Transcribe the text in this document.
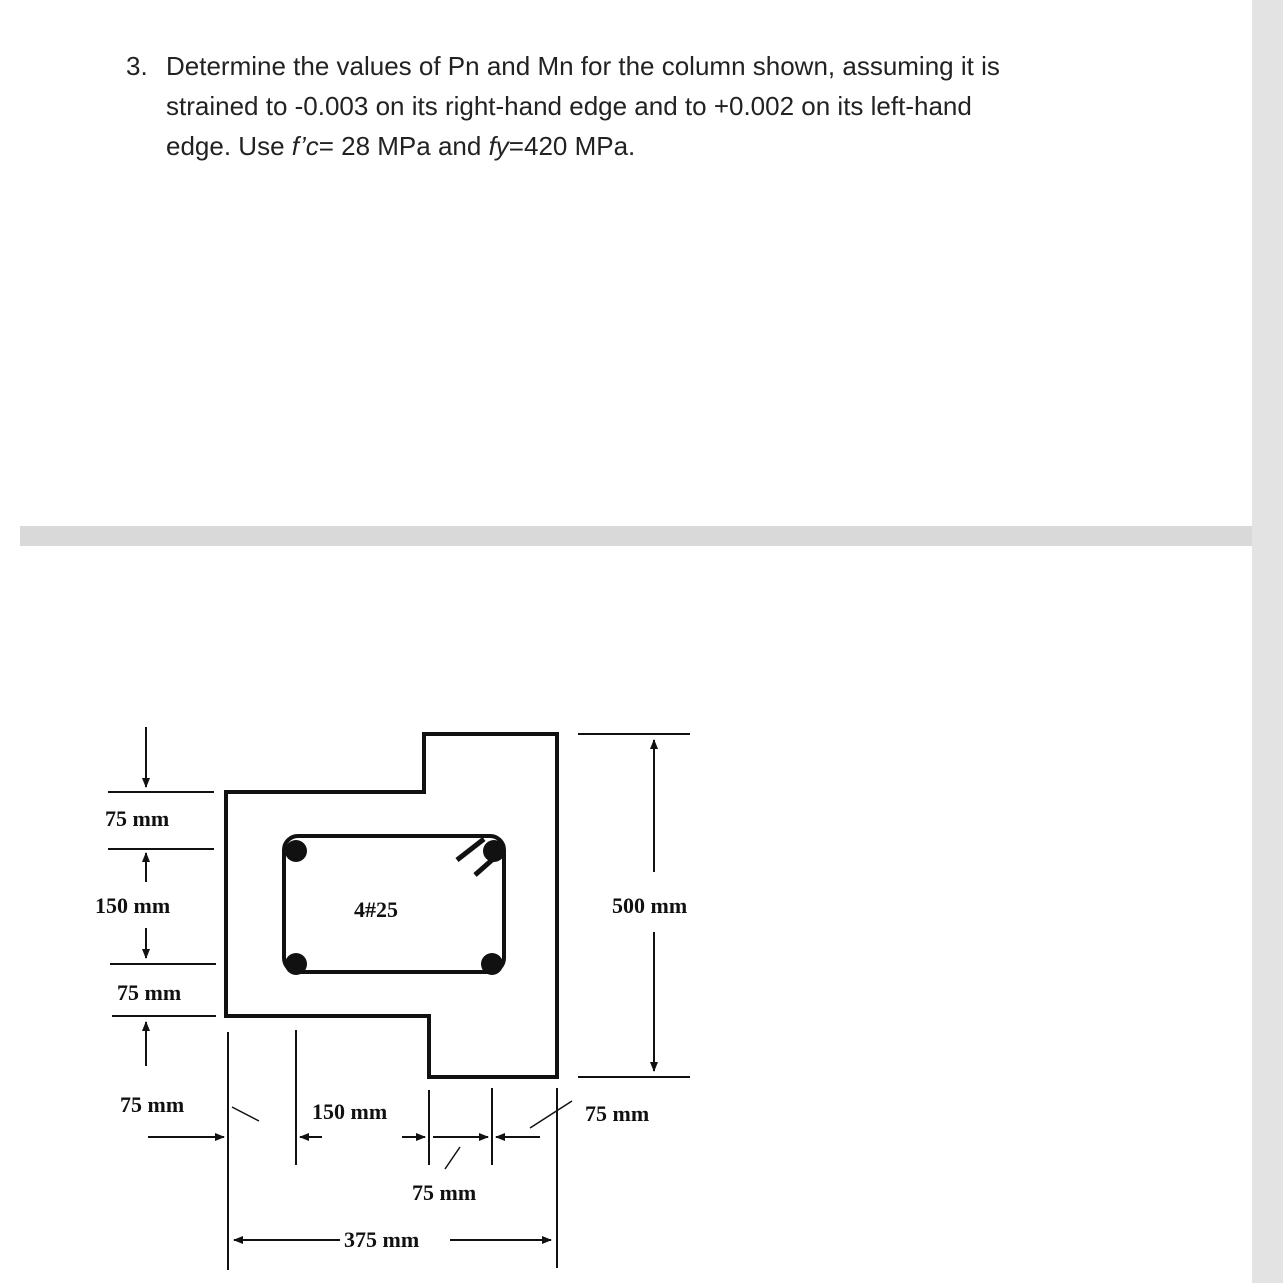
3. Determine the values of Pn and Mn for the column shown, assuming it is
strained to -0.003 on its right-hand edge and to +0.002 on its left-hand
edge. Use f’c= 28 MPa and fy=420 MPa.
4#25
75 mm
150 mm
75 mm
500 mm
75 mm	150 mm
75 mm
75 mm
375 mm
